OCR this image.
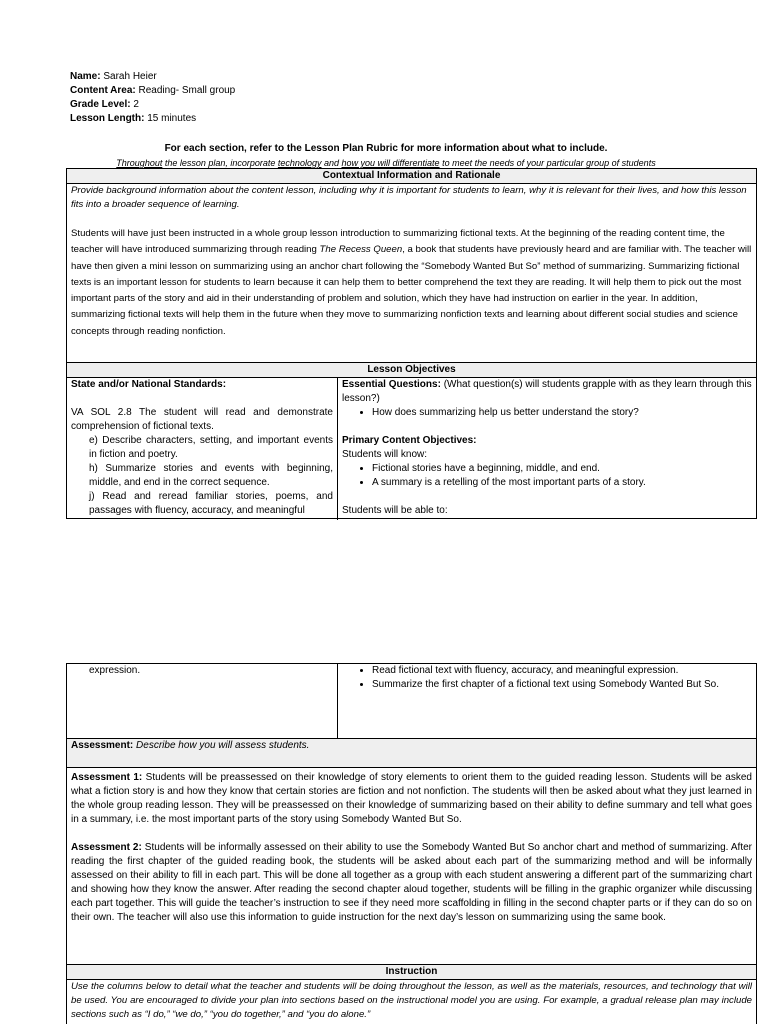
Name: Sarah Heier
Content Area: Reading- Small group
Grade Level: 2
Lesson Length: 15 minutes
For each section, refer to the Lesson Plan Rubric for more information about what to include.
Throughout the lesson plan, incorporate technology and how you will differentiate to meet the needs of your particular group of students
Contextual Information and Rationale
Provide background information about the content lesson, including why it is important for students to learn, why it is relevant for their lives, and how this lesson fits into a broader sequence of learning.
Students will have just been instructed in a whole group lesson introduction to summarizing fictional texts. At the beginning of the reading content time, the teacher will have introduced summarizing through reading The Recess Queen, a book that students have previously heard and are familiar with. The teacher will have then given a mini lesson on summarizing using an anchor chart following the “Somebody Wanted But So” method of summarizing. Summarizing fictional texts is an important lesson for students to learn because it can help them to better comprehend the text they are reading. It will help them to pick out the most important parts of the story and aid in their understanding of problem and solution, which they have had instruction on earlier in the year. In addition, summarizing fictional texts will help them in the future when they move to summarizing nonfiction texts and learning about different social studies and science concepts through reading nonfiction.
Lesson Objectives
State and/or National Standards:
VA SOL 2.8 The student will read and demonstrate comprehension of fictional texts.
e) Describe characters, setting, and important events in fiction and poetry.
h) Summarize stories and events with beginning, middle, and end in the correct sequence.
j) Read and reread familiar stories, poems, and passages with fluency, accuracy, and meaningful
Essential Questions: (What question(s) will students grapple with as they learn through this lesson?)
• How does summarizing help us better understand the story?
Primary Content Objectives:
Students will know:
• Fictional stories have a beginning, middle, and end.
• A summary is a retelling of the most important parts of a story.
Students will be able to:
expression.
•	Read fictional text with fluency, accuracy, and meaningful expression.
• Summarize the first chapter of a fictional text using Somebody Wanted But So.
Assessment: Describe how you will assess students.
Assessment 1: Students will be preassessed on their knowledge of story elements to orient them to the guided reading lesson. Students will be asked what a fiction story is and how they know that certain stories are fiction and not nonfiction. The students will then be asked about what they just learned in the whole group reading lesson. They will be preassessed on their knowledge of summarizing based on their ability to define summary and tell what goes in a summary, i.e. the most important parts of the story using Somebody Wanted But So.
Assessment 2: Students will be informally assessed on their ability to use the Somebody Wanted But So anchor chart and method of summarizing. After reading the first chapter of the guided reading book, the students will be asked about each part of the summarizing method and will be informally assessed on their ability to fill in each part. This will be done all together as a group with each student answering a different part of the summarizing chart and showing how they know the answer. After reading the second chapter aloud together, students will be filling in the graphic organizer while discussing each part together. This will guide the teacher’s instruction to see if they need more scaffolding in filling in the second chapter parts or if they can do so on their own. The teacher will also use this information to guide instruction for the next day’s lesson on summarizing using the same book.
Instruction
Use the columns below to detail what the teacher and students will be doing throughout the lesson, as well as the materials, resources, and technology that will be used. You are encouraged to divide your plan into sections based on the instructional model you are using. For example, a gradual release plan may include sections such as “I do,” “we do,” “you do together,” and “you do alone.”
